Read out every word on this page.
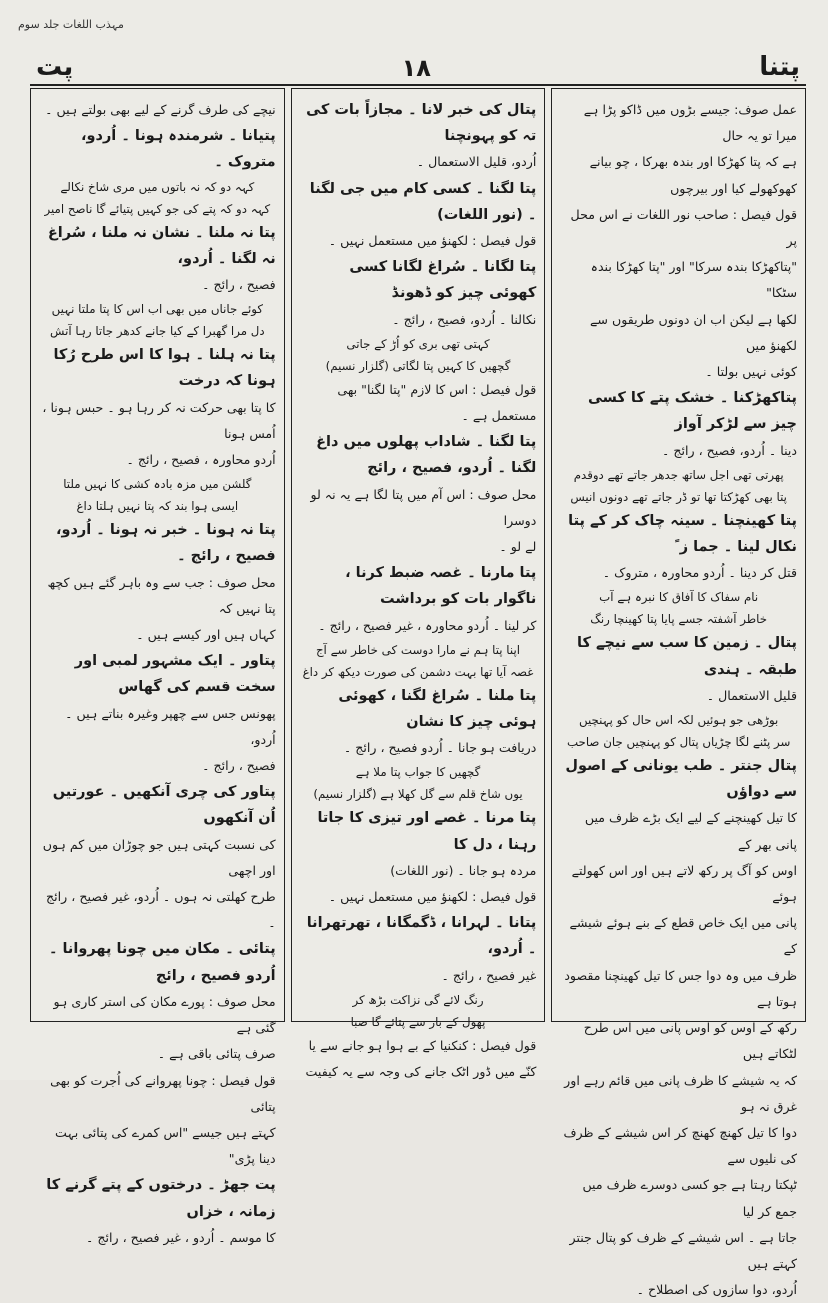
مہذب اللغات جلد سوم
پت	۱۸	پتنا
عمل صوف: جیسے بڑوں میں ڈاکو پڑا ہے میرا تو یہ حال
ہے کہ پتا کھڑکا اور بندہ بھرکا ، چو بیانے کھوکھولے کیا اور بیرچوں
قول فیصل : صاحب نور اللغات نے اس محل پر
"پتاکھڑکا بندہ سرکا" اور "پتا کھڑکا بندہ سٹکا"
لکھا ہے لیکن اب ان دونوں طریقوں سے لکھنؤ میں
کوئی نہیں بولتا ۔
پتاکھڑکنا ۔ خشک پتے کا کسی چیز سے لڑکر آواز
دینا ۔ اُردو، فصیح ، رائج ۔
پھرتی تھی اجل ساتھ جدھر جاتے تھے دوقدم
پتا بھی کھڑکتا تھا تو ڈر جاتے تھے دونوں انیس
پتا کھینچنا ۔ سینہ چاک کر کے پتا نکال لینا ۔ جما ز ً
قتل کر دینا ۔ اُردو محاورہ ، متروک ۔
نام سفاک کا آفاق کا نبرہ ہے آب
خاطر آشفتہ جسے پایا پتا کھینچا رنگ
پتال ۔ زمین کا سب سے نیچے کا طبقہ ۔ ہندی
قلیل الاستعمال ۔
بوڑھی جو ہوئیں لکہ اس حال کو پہنچیں
سر پٹنے لگا چڑیاں پتال کو پہنچیں جان صاحب
پتال جنتر ۔ طب یونانی کے اصول سے دواؤں
کا تیل کھینچنے کے لیے ایک بڑے ظرف میں پانی بھر کے
اوس کو آگ پر رکھ لاتے ہیں اور اس کھولتے ہوئے
پانی میں ایک خاص قطع کے بنے ہوئے شیشے کے
ظرف میں وہ دوا جس کا تیل کھینچنا مقصود ہوتا ہے
رکھ کے اوس کو اوس پانی میں اس طرح لٹکاتے ہیں
کہ یہ شیشے کا ظرف پانی میں قائم رہے اور غرق نہ ہو
دوا کا تیل کھنچ کھنچ کر اس شیشے کے ظرف کی نلیوں سے
ٹپکتا رہتا ہے جو کسی دوسرے ظرف میں جمع کر لیا
جاتا ہے ۔ اس شیشے کے ظرف کو پتال جنتر کہتے ہیں
اُردو، دوا سازوں کی اصطلاح ۔
پتال کی خبر لانا ۔ مجازاً بات کی تہ کو پہونچنا
اُردو، قلیل الاستعمال ۔
پتا لگنا ۔ کسی کام میں جی لگنا ۔ (نور اللغات)
قول فیصل : لکھنؤ میں مستعمل نہیں ۔
پتا لگانا ۔ سُراغ لگانا کسی کھوئی چیز کو ڈھونڈ
نکالنا ۔ اُردو، فصیح ، رائج ۔
کہتی تھی بری کو اُڑ کے جاتی
گچھیں کا کہیں پتا لگاتی (گلزار نسیم)
قول فیصل : اس کا لازم "پتا لگنا" بھی مستعمل ہے ۔
پتا لگنا ۔ شاداب پھلوں میں داغ لگنا ۔ اُردو، فصیح ، رائج
محل صوف : اس آم میں پتا لگا ہے یہ نہ لو دوسرا
لے لو ۔
پتا مارنا ۔ غصہ ضبط کرنا ، ناگوار بات کو برداشت
کر لینا ۔ اُردو محاورہ ، غیر فصیح ، رائج ۔
اپنا پتا ہم نے مارا دوست کی خاطر سے آج
غصہ آیا تھا بہت دشمن کی صورت دیکھ کر داغ
پتا ملنا ۔ سُراغ لگنا ، کھوئی ہوئی چیز کا نشان
دریافت ہو جانا ۔ اُردو فصیح ، رائج ۔
گچھیں کا جواب پتا ملا ہے
یوں شاخ قلم سے گل کھلا ہے (گلزار نسیم)
پتا مرنا ۔ غصے اور تیزی کا جاتا رہنا ، دل کا
مردہ ہو جانا ۔ (نور اللغات)
قول فیصل : لکھنؤ میں مستعمل نہیں ۔
پتانا ۔ لہرانا ، ڈگمگانا ، تھرتھرانا ۔ اُردو،
غیر فصیح ، رائج ۔
رنگ لائے گی نزاکت بڑھ کر
پھول کے بار سے پتائے گا صبا
قول فیصل : کنکنیا کے بے ہوا ہو جانے سے یا
کنّے میں ڈور اٹک جانے کی وجہ سے یہ کیفیت
نیچے کی طرف گرنے کے لیے بھی بولتے ہیں ۔
پتیانا ۔ شرمندہ ہونا ۔ اُردو، متروک ۔
کہہ دو کہ نہ باتوں میں مری شاخ نکالے
کہہ دو کہ پتے کی جو کہیں پتیائے گا ناصح امیر
پتا نہ ملنا ۔ نشان نہ ملنا ، سُراغ نہ لگنا ۔ اُردو،
فصیح ، رائج ۔
کوئے جاناں میں بھی اب اس کا پتا ملتا نہیں
دل مرا گھبرا کے کیا جانے کدھر جاتا رہا آتش
پتا نہ ہلنا ۔ ہوا کا اس طرح رُکا ہونا کہ درخت
کا پتا بھی حرکت نہ کر رہا ہو ۔ حبس ہونا ، اُمس ہونا
اُردو محاورہ ، فصیح ، رائج ۔
گلشن میں مزہ بادہ کشی کا نہیں ملتا
ایسی ہوا بند کہ پتا نہیں ہلتا داغ
پتا نہ ہونا ۔ خبر نہ ہونا ۔ اُردو، فصیح ، رائج ۔
محل صوف : جب سے وہ باہر گئے ہیں کچھ پتا نہیں کہ
کہاں ہیں اور کیسے ہیں ۔
پتاور ۔ ایک مشہور لمبی اور سخت قسم کی گھاس
پھونس جس سے چھپر وغیرہ بناتے ہیں ۔ اُردو،
فصیح ، رائج ۔
پتاور کی چری آنکھیں ۔ عورتیں اُن آنکھوں
کی نسبت کہتی ہیں جو چوڑان میں کم ہوں اور اچھی
طرح کھلتی نہ ہوں ۔ اُردو، غیر فصیح ، رائج ۔
پتائی ۔ مکان میں چونا پھروانا ۔ اُردو فصیح ، رائج
محل صوف : پورے مکان کی استر کاری ہو گئی ہے
صرف پتائی باقی ہے ۔
قول فیصل : چونا پھروانے کی اُجرت کو بھی پتائی
کہتے ہیں جیسے "اس کمرے کی پتائی بہت دینا پڑی"
پت جھڑ ۔ درختوں کے پتے گرنے کا زمانہ ، خزاں
کا موسم ۔ اُردو ، غیر فصیح ، رائج ۔
